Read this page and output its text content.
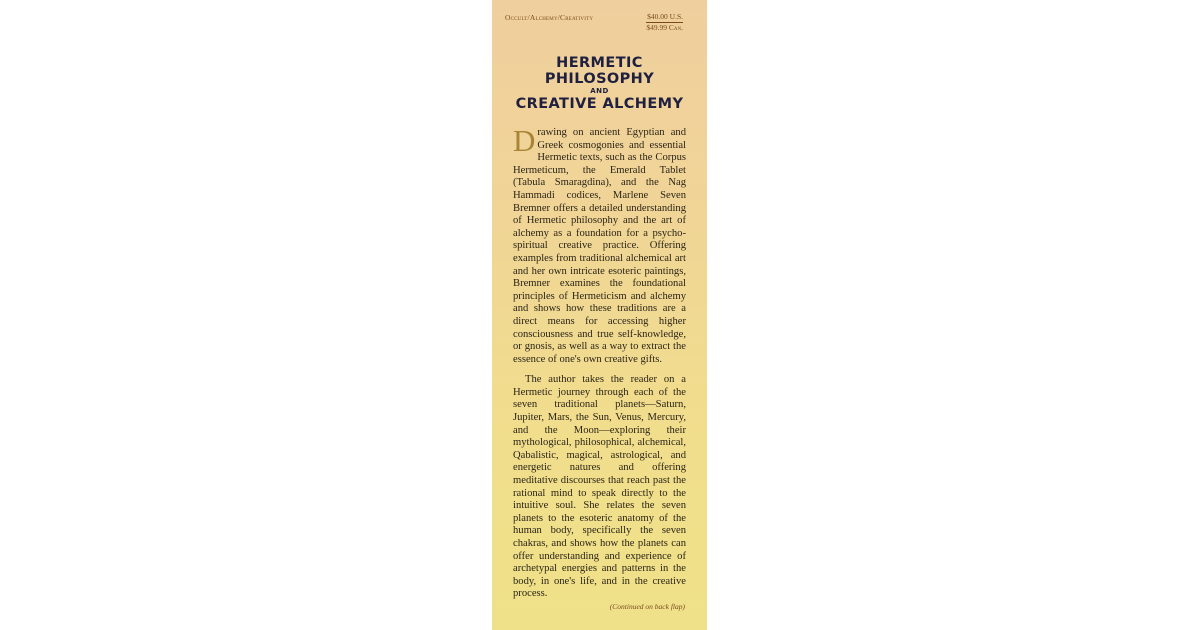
Occult/Alchemy/Creativity	$40.00 U.S.
$49.99 Can.
HERMETIC
PHILOSOPHY
AND
CREATIVE ALCHEMY

Drawing on ancient Egyptian and Greek cosmogonies and essential Hermetic texts, such as the Corpus Hermeticum, the Emerald Tablet (Tabula Smaragdina), and the Nag Hammadi codices, Marlene Seven Bremner offers a detailed understanding of Hermetic philosophy and the art of alchemy as a foundation for a psycho-spiritual creative practice. Offering examples from traditional alchemical art and her own intricate esoteric paintings, Bremner examines the foundational principles of Hermeticism and alchemy and shows how these traditions are a direct means for accessing higher consciousness and true self-knowledge, or gnosis, as well as a way to extract the essence of one's own creative gifts.

The author takes the reader on a Hermetic journey through each of the seven traditional planets—Saturn, Jupiter, Mars, the Sun, Venus, Mercury, and the Moon—exploring their mythological, philosophical, alchemical, Qabalistic, magical, astrological, and energetic natures and offering meditative discourses that reach past the rational mind to speak directly to the intuitive soul. She relates the seven planets to the esoteric anatomy of the human body, specifically the seven chakras, and shows how the planets can offer understanding and experience of archetypal energies and patterns in the body, in one's life, and in the creative process.

(Continued on back flap)
